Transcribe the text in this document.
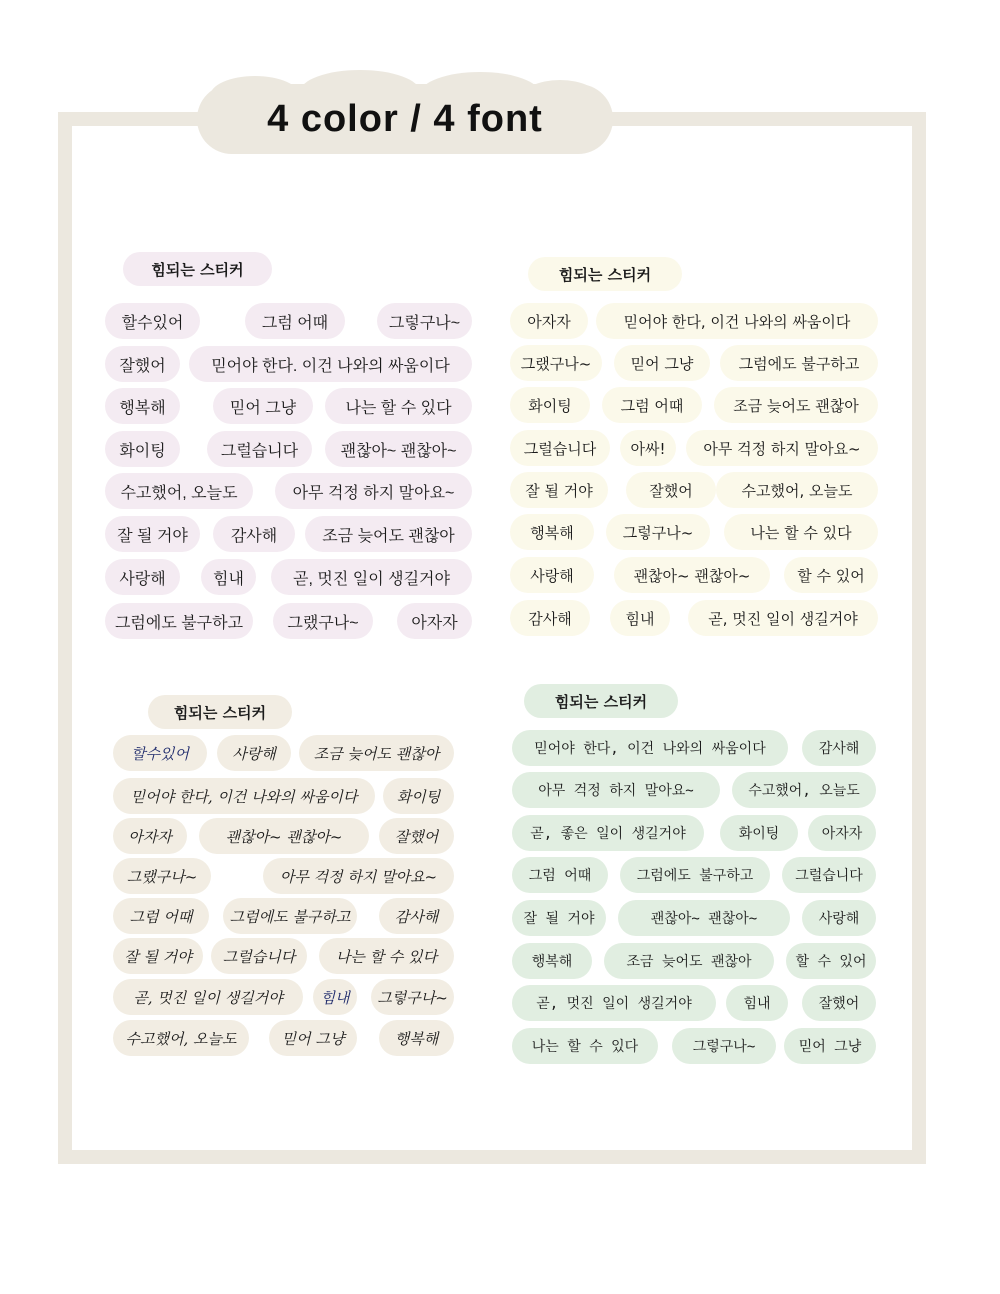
4 color / 4 font
힘되는 스티커
할수있어	그럼 어때	그렇구나~
잘했어	믿어야 한다. 이건 나와의 싸움이다
행복해	믿어 그냥	나는 할 수 있다
화이팅	그럴습니다	괜찮아~ 괜찮아~
수고했어, 오늘도	아무 걱정 하지 말아요~
잘 될 거야	감사해	조금 늦어도 괜찮아
사랑해	힘내	곧, 멋진 일이 생길거야
그럼에도 불구하고	그랬구나~	아자자
힘되는 스티커
아자자	믿어야 한다, 이건 나와의 싸움이다
그랬구나~	믿어 그냥	그럼에도 불구하고
화이팅	그럼 어때	조금 늦어도 괜찮아
그럴습니다	아싸!	아무 걱정 하지 말아요~
잘 될 거야	잘했어	수고했어, 오늘도
행복해	그렇구나~	나는 할 수 있다
사랑해	괜찮아~ 괜찮아~	할 수 있어
감사해	힘내	곧, 멋진 일이 생길거야
힘되는 스티커
할수있어	사랑해	조금 늦어도 괜찮아
믿어야 한다, 이건 나와의 싸움이다	화이팅
아자자	괜찮아~ 괜찮아~	잘했어
그랬구나~	아무 걱정 하지 말아요~
그럼 어때	그럼에도 불구하고	감사해
잘 될 거야	그럴습니다	나는 할 수 있다
곧, 멋진 일이 생길거야	힘내	그렇구나~
수고했어, 오늘도	믿어 그냥	행복해
힘되는 스티커
믿어야 한다, 이건 나와의 싸움이다	감사해
아무 걱정 하지 말아요~	수고했어, 오늘도
곧, 좋은 일이 생길거야	화이팅	아자자
그럼 어때	그럼에도 불구하고	그럴습니다
잘 될 거야	괜찮아~ 괜찮아~	사랑해
행복해	조금 늦어도 괜찮아	할 수 있어
곧, 멋진 일이 생길거야	힘내	잘했어
나는 할 수 있다	그렇구나~	믿어 그냥
